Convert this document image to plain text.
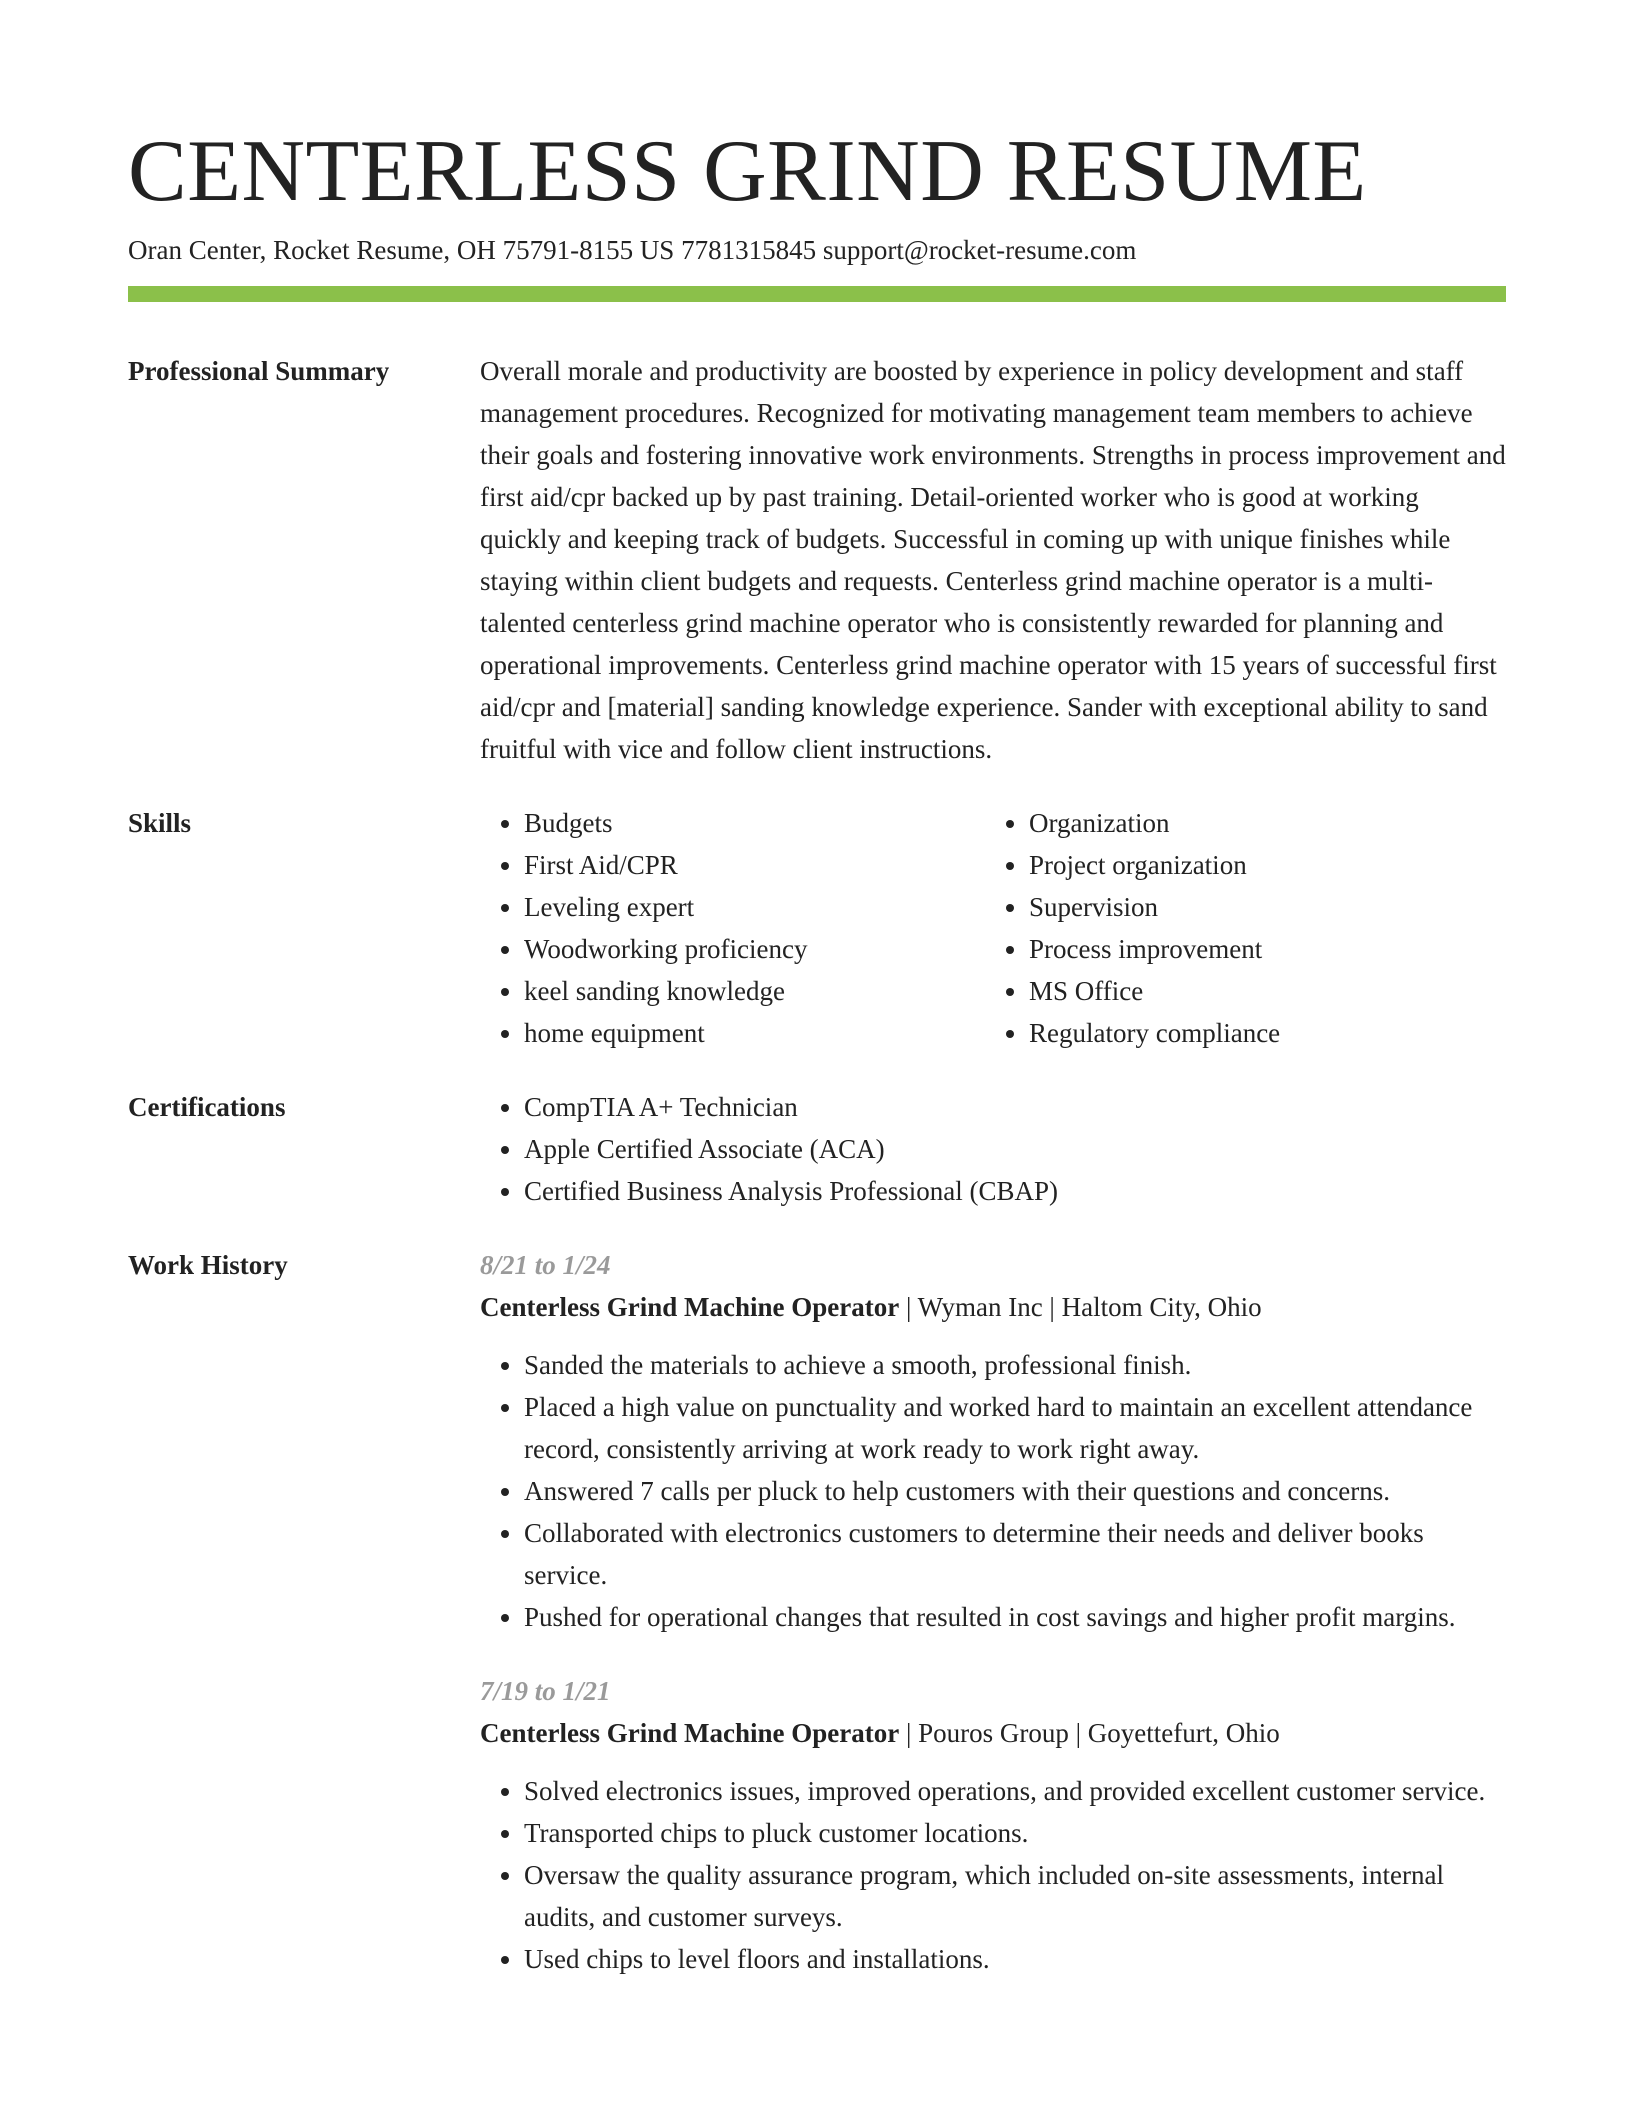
CENTERLESS GRIND RESUME
Oran Center, Rocket Resume, OH 75791-8155 US 7781315845 support@rocket-resume.com
Professional Summary	Overall morale and productivity are boosted by experience in policy development and staff management procedures. Recognized for motivating management team members to achieve their goals and fostering innovative work environments. Strengths in process improvement and first aid/cpr backed up by past training. Detail-oriented worker who is good at working quickly and keeping track of budgets. Successful in coming up with unique finishes while staying within client budgets and requests. Centerless grind machine operator is a multi-talented centerless grind machine operator who is consistently rewarded for planning and operational improvements. Centerless grind machine operator with 15 years of successful first aid/cpr and [material] sanding knowledge experience. Sander with exceptional ability to sand fruitful with vice and follow client instructions.

Skills	• Budgets
• First Aid/CPR
• Leveling expert
• Woodworking proficiency
• keel sanding knowledge
• home equipment
• Organization
• Project organization
• Supervision
• Process improvement
• MS Office
• Regulatory compliance
Certifications	• CompTIA A+ Technician
• Apple Certified Associate (ACA)
• Certified Business Analysis Professional (CBAP)
Work History	8/21 to 1/24
Centerless Grind Machine Operator | Wyman Inc | Haltom City, Ohio
• Sanded the materials to achieve a smooth, professional finish.
• Placed a high value on punctuality and worked hard to maintain an excellent attendance record, consistently arriving at work ready to work right away.
• Answered 7 calls per pluck to help customers with their questions and concerns.
• Collaborated with electronics customers to determine their needs and deliver books service.
• Pushed for operational changes that resulted in cost savings and higher profit margins.
7/19 to 1/21
Centerless Grind Machine Operator | Pouros Group | Goyettefurt, Ohio
• Solved electronics issues, improved operations, and provided excellent customer service.
• Transported chips to pluck customer locations.
• Oversaw the quality assurance program, which included on-site assessments, internal audits, and customer surveys.
• Used chips to level floors and installations.
